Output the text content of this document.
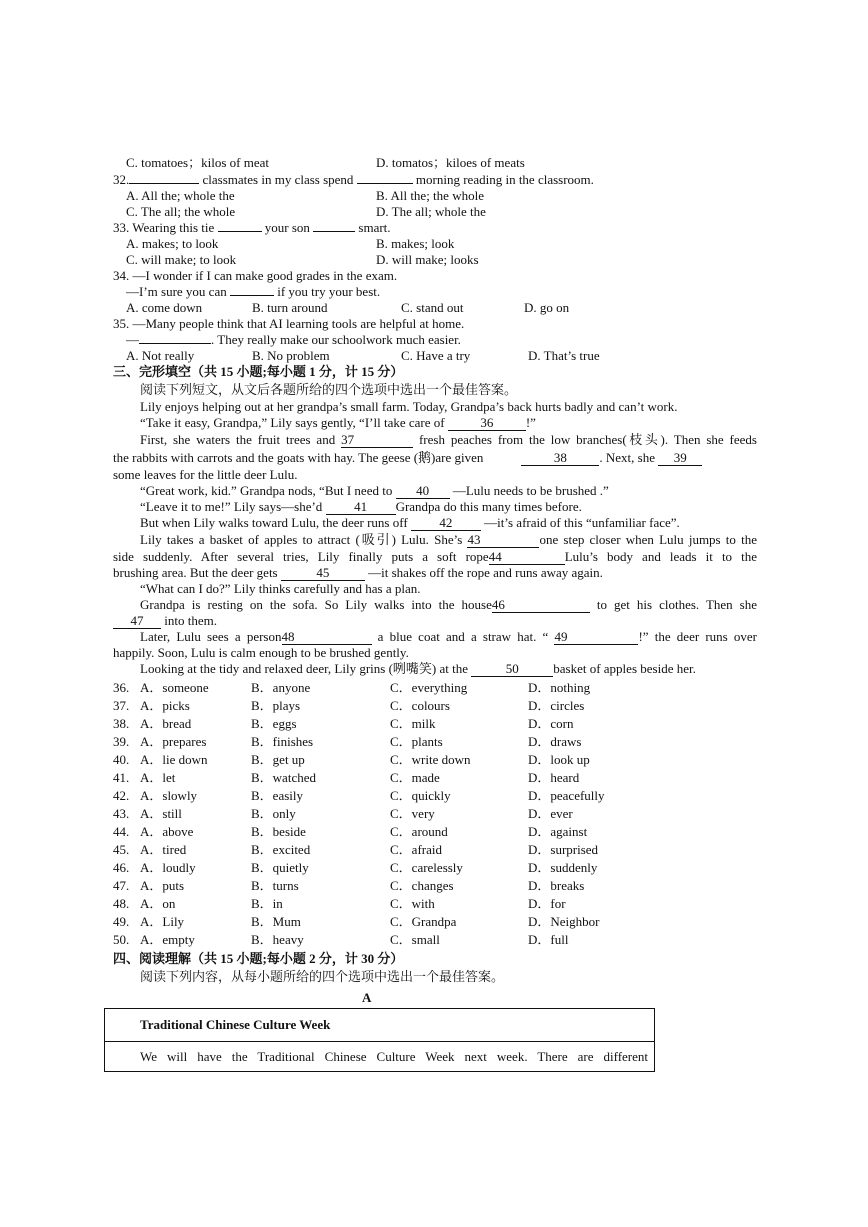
C. tomatoes；kilos of meat	D. tomatos；kiloes of meats
32.	classmates in my class spend	morning reading in the classroom.
A. All the; whole the	B. All the; the whole
C. The all; the whole	D. The all; whole the
33. Wearing this tie	your son	smart.
A. makes; to look	B. makes; look
C. will make; to look	D. will make; looks
34. —I wonder if I can make good grades in the exam.
—I’m sure you can	if you try your best.
A. come down	B. turn around	C. stand out	D. go on
35. —Many people think that AI learning tools are helpful at home.
—	. They really make our schoolwork much easier.
A. Not really	B. No problem	C. Have a try	D. That’s true
三、完形填空（共 15 小题;每小题 1 分，计 15 分）
阅读下列短文，从文后各题所给的四个选项中选出一个最佳答案。
Lily enjoys helping out at her grandpa’s small farm. Today, Grandpa’s back hurts badly and can’t work.
“Take it easy, Grandpa,” Lily says gently, “I’ll take care of	36	!”
First, she waters the fruit trees and 37	fresh peaches from the low branches(枝头). Then she feeds
the rabbits with carrots and the goats with hay. The geese (鹅)are given	38	. Next, she 39
some leaves for the little deer Lulu.
“Great work, kid.” Grandpa nods, “But I need to 40 —Lulu needs to be brushed .”
“Leave it to me!” Lily says—she’d 41 Grandpa do this many times before.
But when Lily walks toward Lulu, the deer runs off 42 —it’s afraid of this “unfamiliar face”.
Lily takes a basket of apples to attract (吸引) Lulu. She’s 43	one step closer when Lulu jumps to the
side suddenly. After several tries, Lily finally puts a soft rope44	Lulu’s body and leads it to the
brushing area. But the deer gets	45	—it shakes off the rope and runs away again.
“What can I do?” Lily thinks carefully and has a plan.
Grandpa is resting on the sofa. So Lily walks into the house46	to get his clothes. Then she
47 into them.
Later, Lulu sees a person48	a blue coat and a straw hat. “ 49	!” the deer runs over
happily. Soon, Lulu is calm enough to be brushed gently.
Looking at the tidy and relaxed deer, Lily grins (咧嘴笑) at the	50	basket of apples beside her.
36. A．someone	B．anyone	C．everything	D．nothing
37. A．picks	B．plays	C．colours	D．circles
38. A．bread	B．eggs	C．milk	D．corn
39. A．prepares	B．finishes	C．plants	D．draws
40. A．lie down	B．get up	C．write down	D．look up
41. A．let	B．watched	C．made	D．heard
42. A．slowly	B．easily	C．quickly	D．peacefully
43. A．still	B．only	C．very	D．ever
44. A．above	B．beside	C．around	D．against
45. A．tired	B．excited	C．afraid	D．surprised
46. A．loudly	B．quietly	C．carelessly	D．suddenly
47. A．puts	B．turns	C．changes	D．breaks
48. A．on	B．in	C．with	D．for
49. A．Lily	B．Mum	C．Grandpa	D．Neighbor
50. A．empty	B．heavy	C．small	D．full
四、阅读理解（共 15 小题;每小题 2 分，计 30 分）
阅读下列内容，从每小题所给的四个选项中选出一个最佳答案。
A
Traditional Chinese Culture Week
We will have the Traditional Chinese Culture Week next week. There are different
